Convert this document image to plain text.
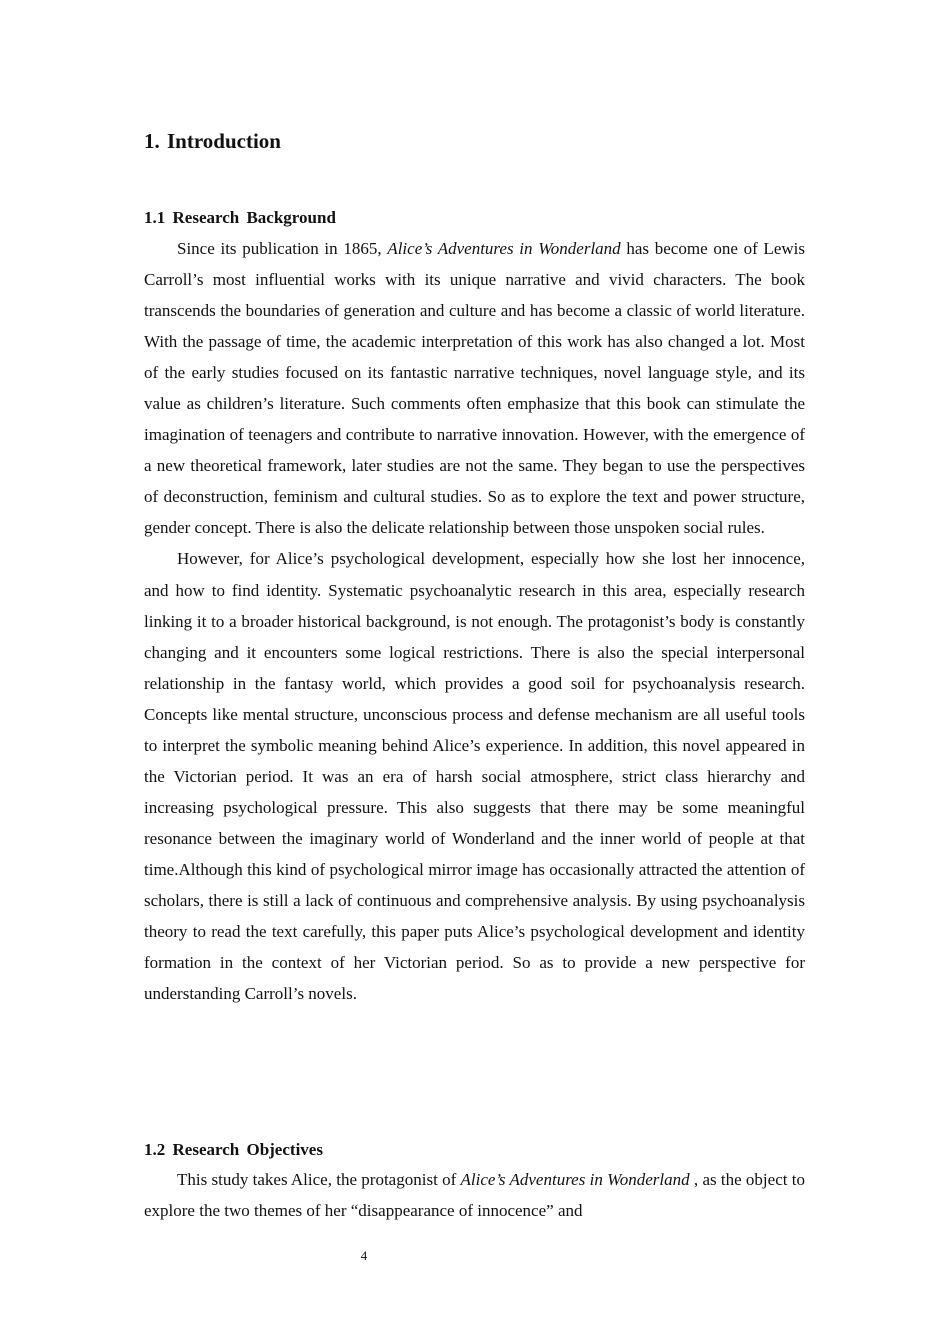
1. Introduction
1.1 Research Background

Since its publication in 1865, Alice’s Adventures in Wonderland has become one of Lewis Carroll’s most influential works with its unique narrative and vivid characters. The book transcends the boundaries of generation and culture and has become a classic of world literature. With the passage of time, the academic interpretation of this work has also changed a lot. Most of the early studies focused on its fantastic narrative techniques, novel language style, and its value as children’s literature. Such comments often emphasize that this book can stimulate the imagination of teenagers and contribute to narrative innovation. However, with the emergence of a new theoretical framework, later studies are not the same. They began to use the perspectives of deconstruction, feminism and cultural studies. So as to explore the text and power structure, gender concept. There is also the delicate relationship between those unspoken social rules.

However, for Alice’s psychological development, especially how she lost her innocence, and how to find identity. Systematic psychoanalytic research in this area, especially research linking it to a broader historical background, is not enough. The protagonist’s body is constantly changing and it encounters some logical restrictions. There is also the special interpersonal relationship in the fantasy world, which provides a good soil for psychoanalysis research. Concepts like mental structure, unconscious process and defense mechanism are all useful tools to interpret the symbolic meaning behind Alice’s experience. In addition, this novel appeared in the Victorian period. It was an era of harsh social atmosphere, strict class hierarchy and increasing psychological pressure. This also suggests that there may be some meaningful resonance between the imaginary world of Wonderland and the inner world of people at that time.Although this kind of psychological mirror image has occasionally attracted the attention of scholars, there is still a lack of continuous and comprehensive analysis. By using psychoanalysis theory to read the text carefully, this paper puts Alice’s psychological development and identity formation in the context of her Victorian period. So as to provide a new perspective for understanding Carroll’s novels.

1.2 Research Objectives

This study takes Alice, the protagonist of Alice’s Adventures in Wonderland , as the object to explore the two themes of her “disappearance of innocence” and

4
